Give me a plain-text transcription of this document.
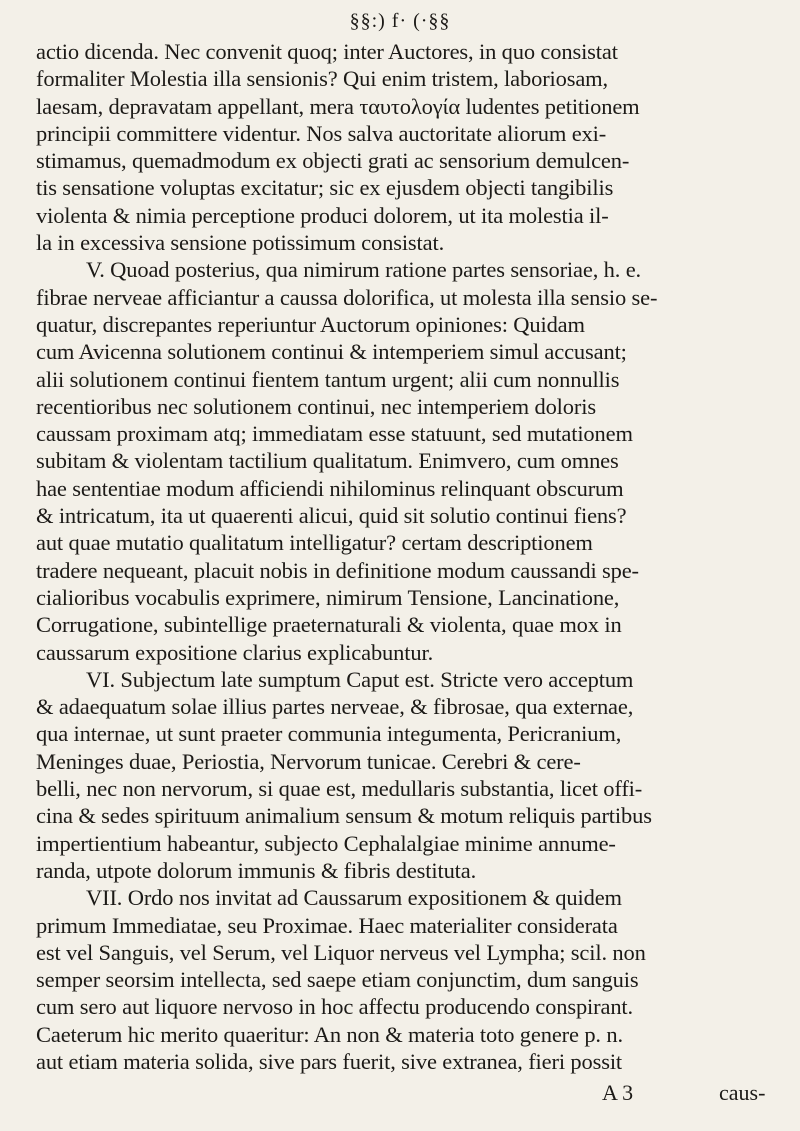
§§:) f· (·§§
actio dicenda. Nec convenit quoq; inter Auctores, in quo consistat
formaliter Molestia illa sensionis? Qui enim tristem, laboriosam,
laesam, depravatam appellant, mera ταυτολογία ludentes petitionem
principii committere videntur. Nos salva auctoritate aliorum exi-
stimamus, quemadmodum ex objecti grati ac sensorium demulcen-
tis sensatione voluptas excitatur; sic ex ejusdem objecti tangibilis
violenta & nimia perceptione produci dolorem, ut ita molestia il-
la in excessiva sensione potissimum consistat.
V. Quoad posterius, qua nimirum ratione partes sensoriae, h. e.
fibrae nerveae afficiantur a caussa dolorifica, ut molesta illa sensio se-
quatur, discrepantes reperiuntur Auctorum opiniones: Quidam
cum Avicenna solutionem continui & intemperiem simul accusant;
alii solutionem continui fientem tantum urgent; alii cum nonnullis
recentioribus nec solutionem continui, nec intemperiem doloris
caussam proximam atq; immediatam esse statuunt, sed mutationem
subitam & violentam tactilium qualitatum. Enimvero, cum omnes
hae sententiae modum afficiendi nihilominus relinquant obscurum
& intricatum, ita ut quaerenti alicui, quid sit solutio continui fiens?
aut quae mutatio qualitatum intelligatur? certam descriptionem
tradere nequeant, placuit nobis in definitione modum caussandi spe-
cialioribus vocabulis exprimere, nimirum Tensione, Lancinatione,
Corrugatione, subintellige praeternaturali & violenta, quae mox in
caussarum expositione clarius explicabuntur.
VI. Subjectum late sumptum Caput est. Stricte vero acceptum
& adaequatum solae illius partes nerveae, & fibrosae, qua externae,
qua internae, ut sunt praeter communia integumenta, Pericranium,
Meninges duae, Periostia, Nervorum tunicae. Cerebri & cere-
belli, nec non nervorum, si quae est, medullaris substantia, licet offi-
cina & sedes spirituum animalium sensum & motum reliquis partibus
impertientium habeantur, subjecto Cephalalgiae minime annume-
randa, utpote dolorum immunis & fibris destituta.
VII. Ordo nos invitat ad Caussarum expositionem & quidem
primum Immediatae, seu Proximae. Haec materialiter considerata
est vel Sanguis, vel Serum, vel Liquor nerveus vel Lympha; scil. non
semper seorsim intellecta, sed saepe etiam conjunctim, dum sanguis
cum sero aut liquore nervoso in hoc affectu producendo conspirant.
Caeterum hic merito quaeritur: An non & materia toto genere p. n.
aut etiam materia solida, sive pars fuerit, sive extranea, fieri possit
A 3	caus-
